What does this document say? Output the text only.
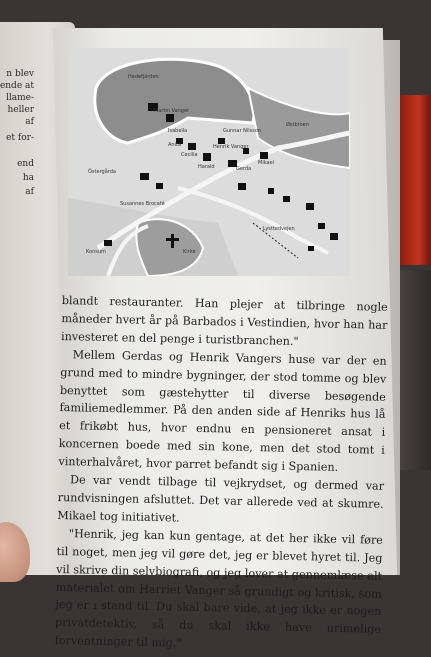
n blev
ende at
llame-
heller
af
et for-
end
ha
af
Hedefjärden
Østbroen
Lysttedvejen
Martin Vanger
Cecilia
Henrik Vanger
Harald
Isabella	Gunnar Nilsson
Anita
Gerda
Mikael
Östergårda
Susannes Brocafé
Kirke
Konsum

blandt restauranter. Han plejer at tilbringe nogle måneder hvert år på Barbados i Vestindien, hvor han har investeret en del penge i turistbranchen."

Mellem Gerdas og Henrik Vangers huse var der en grund med to mindre bygninger, der stod tomme og blev benyttet som gæstehytter til diverse besøgende familiemedlemmer. På den anden side af Henriks hus lå et frikøbt hus, hvor endnu en pensioneret ansat i koncernen boede med sin kone, men det stod tomt i vinterhalvåret, hvor parret befandt sig i Spanien.

De var vendt tilbage til vejkrydset, og dermed var rundvisningen afsluttet. Det var allerede ved at skumre. Mikael tog initiativet.

"Henrik, jeg kan kun gentage, at det her ikke vil føre til noget, men jeg vil gøre det, jeg er blevet hyret til. Jeg vil skrive din selvbiografi, og jeg lover at gennemlæse alt materialet om Harriet Vanger så grundigt og kritisk, som jeg er i stand til. Du skal bare vide, at jeg ikke er nogen privatdetektiv, så du skal ikke have urimelige forventninger til mig."
